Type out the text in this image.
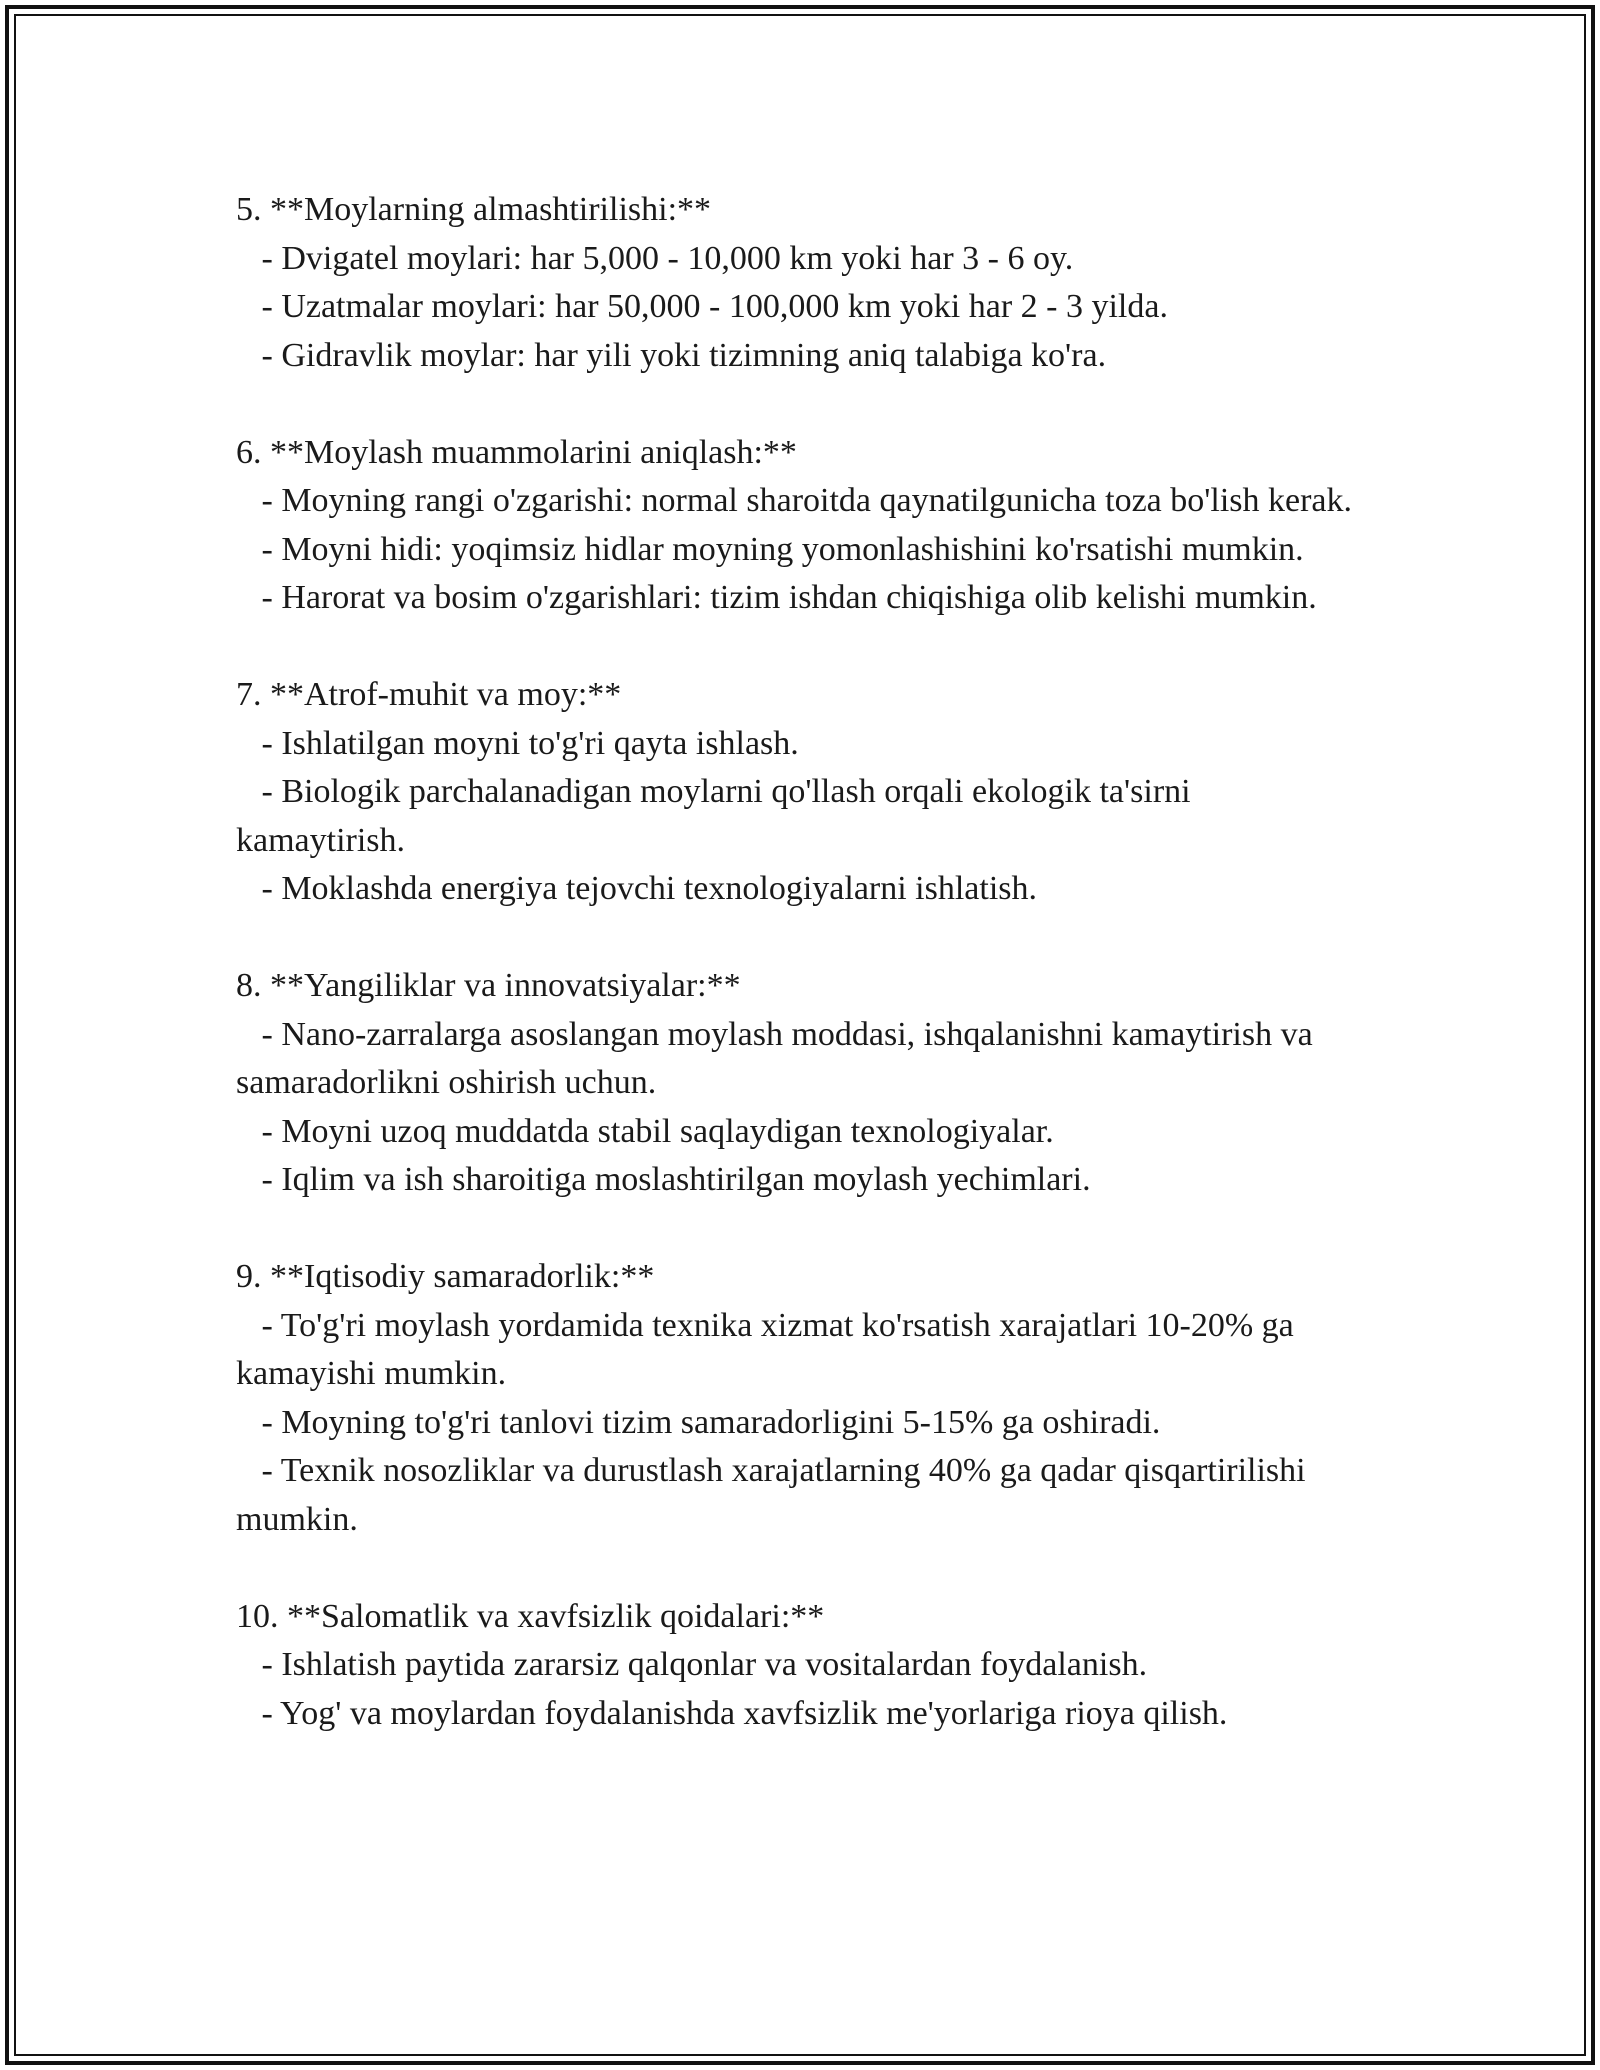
5. **Moylarning almashtirilishi:**

- Dvigatel moylari: har 5,000 - 10,000 km yoki har 3 - 6 oy.

- Uzatmalar moylari: har 50,000 - 100,000 km yoki har 2 - 3 yilda.

- Gidravlik moylar: har yili yoki tizimning aniq talabiga ko'ra.

6. **Moylash muammolarini aniqlash:**

- Moyning rangi o'zgarishi: normal sharoitda qaynatilgunicha toza bo'lish kerak.

- Moyni hidi: yoqimsiz hidlar moyning yomonlashishini ko'rsatishi mumkin.

- Harorat va bosim o'zgarishlari: tizim ishdan chiqishiga olib kelishi mumkin.

7. **Atrof-muhit va moy:**

- Ishlatilgan moyni to'g'ri qayta ishlash.

- Biologik parchalanadigan moylarni qo'llash orqali ekologik ta'sirni kamaytirish.

- Moklashda energiya tejovchi texnologiyalarni ishlatish.

8. **Yangiliklar va innovatsiyalar:**

- Nano-zarralarga asoslangan moylash moddasi, ishqalanishni kamaytirish va samaradorlikni oshirish uchun.

- Moyni uzoq muddatda stabil saqlaydigan texnologiyalar.

- Iqlim va ish sharoitiga moslashtirilgan moylash yechimlari.

9. **Iqtisodiy samaradorlik:**

- To'g'ri moylash yordamida texnika xizmat ko'rsatish xarajatlari 10-20% ga kamayishi mumkin.

- Moyning to'g'ri tanlovi tizim samaradorligini 5-15% ga oshiradi.

- Texnik nosozliklar va durustlash xarajatlarning 40% ga qadar qisqartirilishi mumkin.

10. **Salomatlik va xavfsizlik qoidalari:**

- Ishlatish paytida zararsiz qalqonlar va vositalardan foydalanish.

- Yog' va moylardan foydalanishda xavfsizlik me'yorlariga rioya qilish.
